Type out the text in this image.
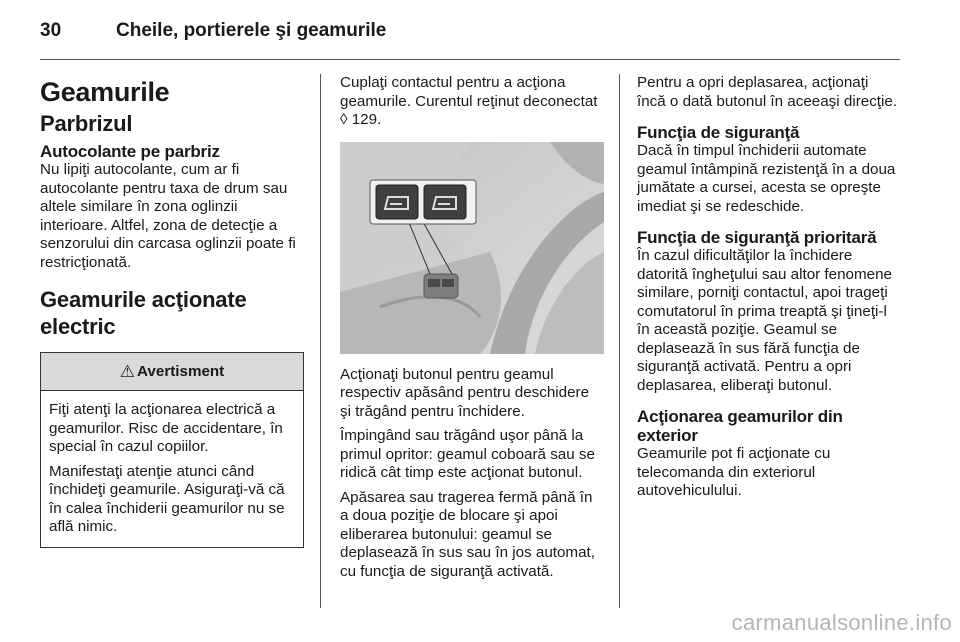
30	Cheile, portierele şi geamurile
Geamurile
Parbrizul
Autocolante pe parbriz

Nu lipiţi autocolante, cum ar fi autocolante pentru taxa de drum sau altele similare în zona oglinzii interioare. Altfel, zona de detecţie a senzorului din carcasa oglinzii poate fi restricţionată.

Geamurile acţionate electric
⚠ Avertisment

Fiţi atenţi la acţionarea electrică a geamurilor. Risc de accidentare, în special în cazul copiilor.

Manifestaţi atenţie atunci când închideţi geamurile. Asiguraţi-vă că în calea închiderii geamurilor nu se află nimic.

Cuplaţi contactul pentru a acţiona geamurile. Curentul reţinut deconectat ◊ 129.

Acţionaţi butonul pentru geamul respectiv apăsând pentru deschidere şi trăgând pentru închidere.

Împingând sau trăgând uşor până la primul opritor: geamul coboară sau se ridică cât timp este acţionat butonul.

Apăsarea sau tragerea fermă până în a doua poziţie de blocare şi apoi eliberarea butonului: geamul se deplasează în sus sau în jos automat, cu funcţia de siguranţă activată.

Pentru a opri deplasarea, acţionaţi încă o dată butonul în aceeaşi direcţie.

Funcţia de siguranţă

Dacă în timpul închiderii automate geamul întâmpină rezistenţă în a doua jumătate a cursei, acesta se opreşte imediat şi se redeschide.

Funcţia de siguranţă prioritară

În cazul dificultăţilor la închidere datorită îngheţului sau altor fenomene similare, porniţi contactul, apoi trageţi comutatorul în prima treaptă şi ţineţi-l în această poziţie. Geamul se deplasează în sus fără funcţia de siguranţă activată. Pentru a opri deplasarea, eliberaţi butonul.

Acţionarea geamurilor din exterior

Geamurile pot fi acţionate cu telecomanda din exteriorul autovehiculului.

carmanualsonline.info
